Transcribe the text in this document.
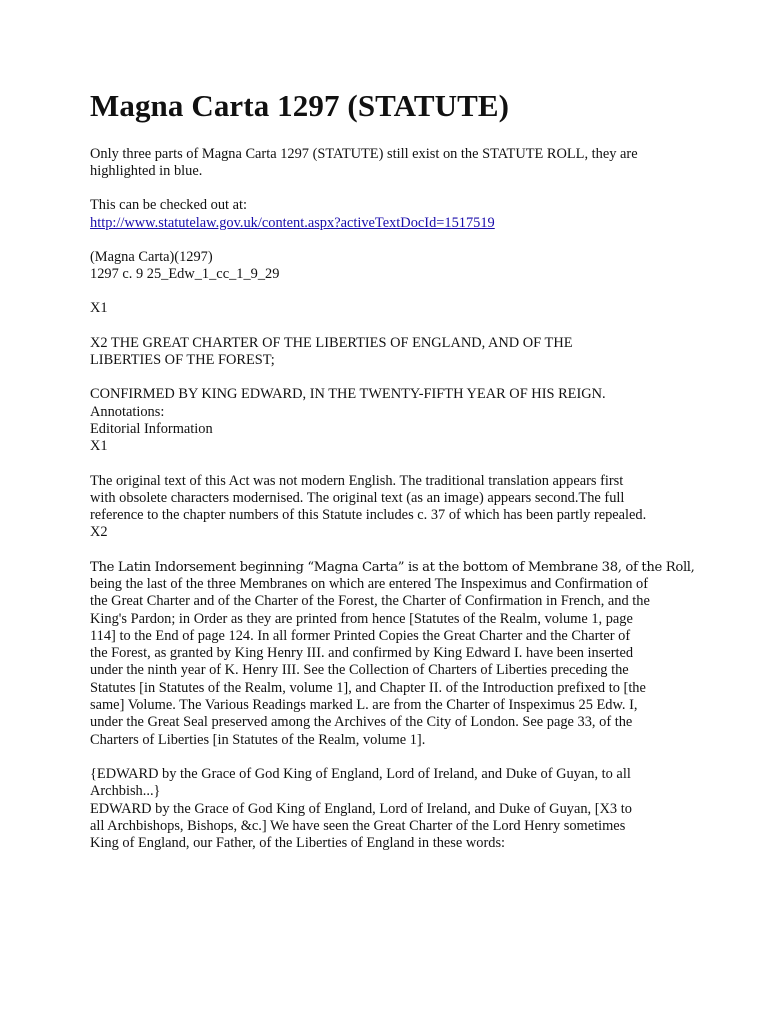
Magna Carta 1297 (STATUTE)
Only three parts of Magna Carta 1297 (STATUTE) still exist on the STATUTE ROLL, they are
highlighted in blue.
This can be checked out at:
http://www.statutelaw.gov.uk/content.aspx?activeTextDocId=1517519
(Magna Carta)(1297)
1297 c. 9 25_Edw_1_cc_1_9_29
X1
X2 THE GREAT CHARTER OF THE LIBERTIES OF ENGLAND, AND OF THE
LIBERTIES OF THE FOREST;
CONFIRMED BY KING EDWARD, IN THE TWENTY-FIFTH YEAR OF HIS REIGN.
Annotations:
Editorial Information
X1
The original text of this Act was not modern English. The traditional translation appears first
with obsolete characters modernised. The original text (as an image) appears second.The full
reference to the chapter numbers of this Statute includes c. 37 of which has been partly repealed.
X2
The Latin Indorsement beginning “Magna Carta” is at the bottom of Membrane 38, of the Roll,
being the last of the three Membranes on which are entered The Inspeximus and Confirmation of
the Great Charter and of the Charter of the Forest, the Charter of Confirmation in French, and the
King's Pardon; in Order as they are printed from hence [Statutes of the Realm, volume 1, page
114] to the End of page 124. In all former Printed Copies the Great Charter and the Charter of
the Forest, as granted by King Henry III. and confirmed by King Edward I. have been inserted
under the ninth year of K. Henry III. See the Collection of Charters of Liberties preceding the
Statutes [in Statutes of the Realm, volume 1], and Chapter II. of the Introduction prefixed to [the
same] Volume. The Various Readings marked L. are from the Charter of Inspeximus 25 Edw. I,
under the Great Seal preserved among the Archives of the City of London. See page 33, of the
Charters of Liberties [in Statutes of the Realm, volume 1].
{EDWARD by the Grace of God King of England, Lord of Ireland, and Duke of Guyan, to all
Archbish...}
EDWARD by the Grace of God King of England, Lord of Ireland, and Duke of Guyan, [X3 to
all Archbishops, Bishops, &c.] We have seen the Great Charter of the Lord Henry sometimes
King of England, our Father, of the Liberties of England in these words:
